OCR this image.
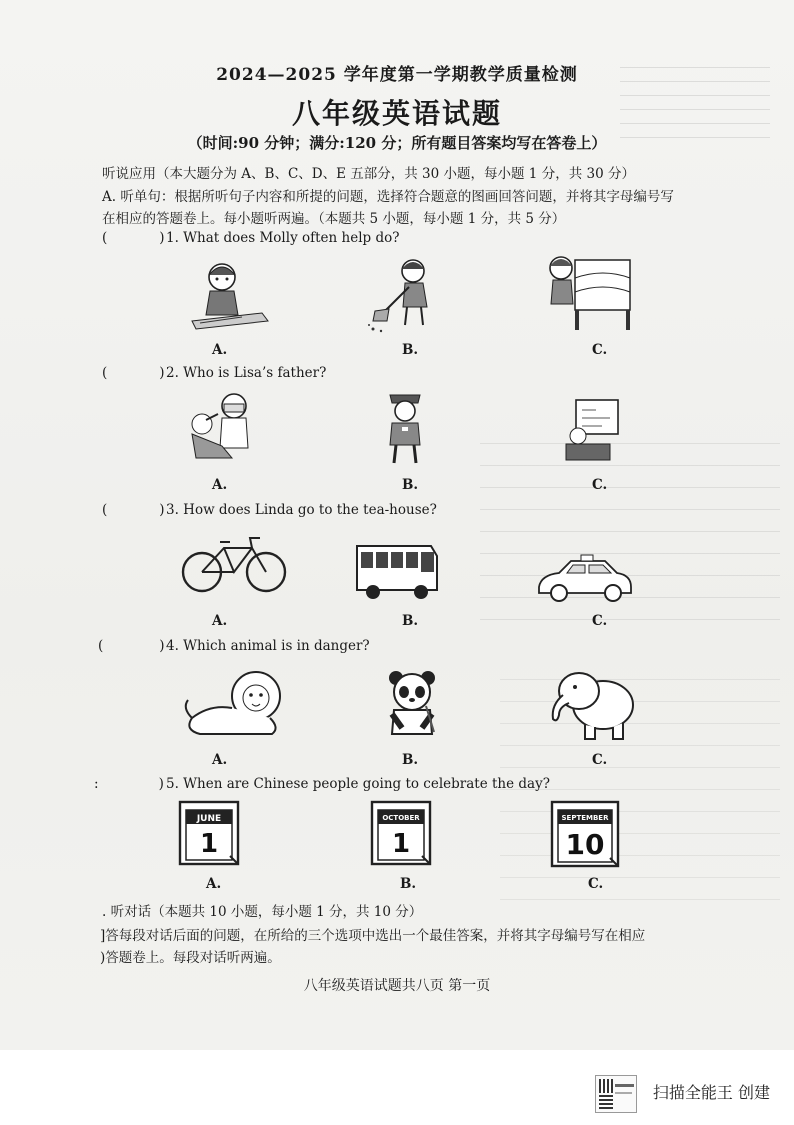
2024—2025 学年度第一学期教学质量检测
八年级英语试题
（时间:90 分钟；满分:120 分；所有题目答案均写在答卷上）
听说应用（本大题分为 A、B、C、D、E 五部分，共 30 小题，每小题 1 分，共 30 分）
A. 听单句：根据所听句子内容和所提的问题，选择符合题意的图画回答问题，并将其字母编号写
在相应的答题卷上。每小题听两遍。（本题共 5 小题，每小题 1 分，共 5 分）
(	) 1. What does Molly often help do?
A.	B.	C.
(	) 2. Who is Lisa’s father?
A.	B.	C.
(	) 3. How does Linda go to the tea-house?
A.	B.	C.
(	) 4. Which animal is in danger?
A.	B.	C.
:	) 5. When are Chinese people going to celebrate the day?
JUNE
1
OCTOBER
1
SEPTEMBER
10
A.	B.	C.
. 听对话（本题共 10 小题，每小题 1 分，共 10 分）
]答每段对话后面的问题，在所给的三个选项中选出一个最佳答案，并将其字母编号写在相应
)答题卷上。每段对话听两遍。
八年级英语试题共八页 第一页
扫描全能王 创建
